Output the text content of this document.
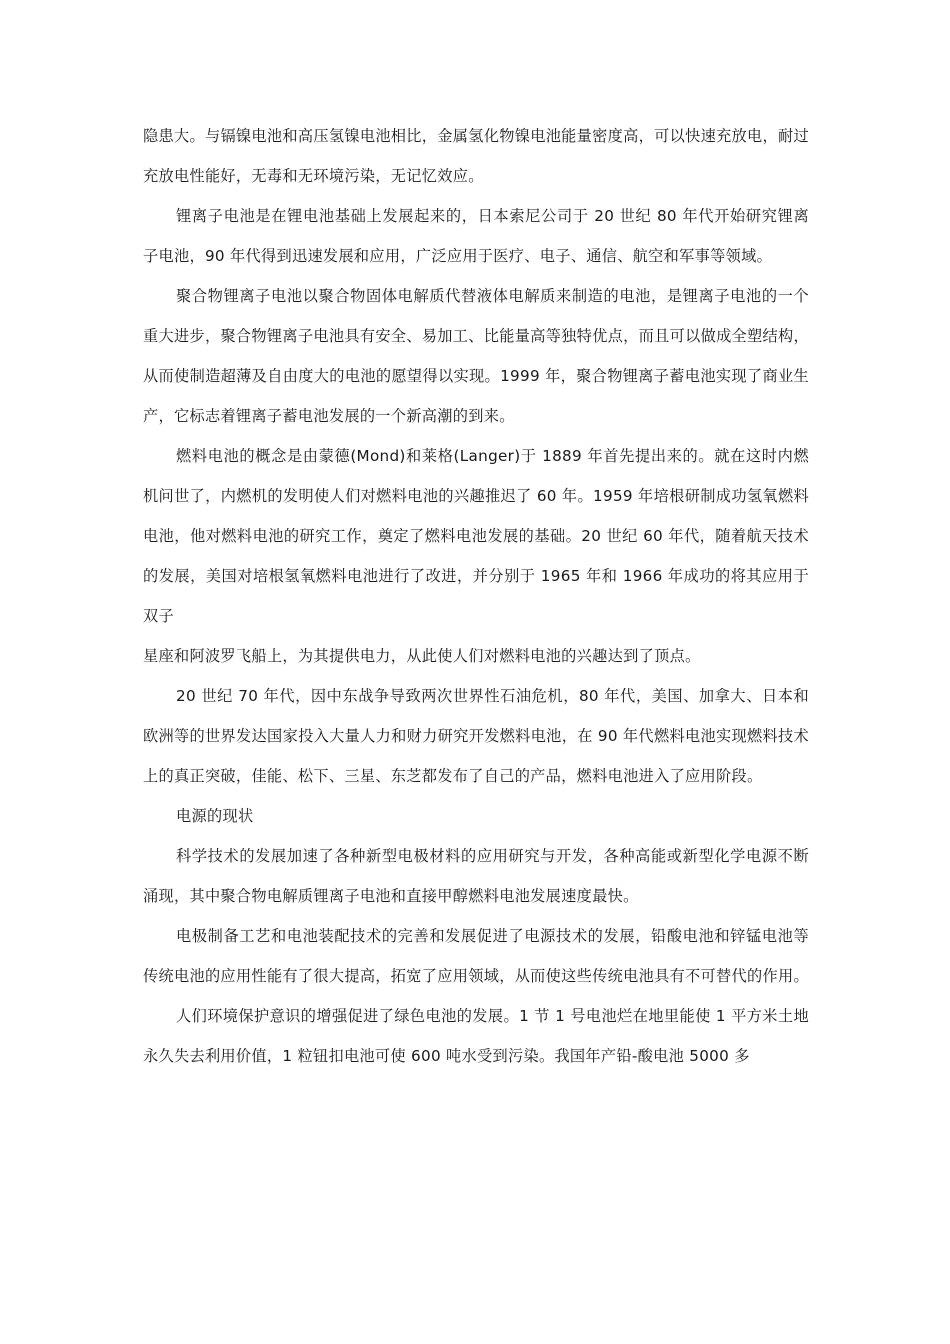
隐患大。与镉镍电池和高压氢镍电池相比，金属氢化物镍电池能量密度高，可以快速充放电，耐过充放电性能好，无毒和无环境污染，无记忆效应。

锂离子电池是在锂电池基础上发展起来的，日本索尼公司于 20 世纪 80 年代开始研究锂离子电池，90 年代得到迅速发展和应用，广泛应用于医疗、电子、通信、航空和军事等领域。

聚合物锂离子电池以聚合物固体电解质代替液体电解质来制造的电池，是锂离子电池的一个重大进步，聚合物锂离子电池具有安全、易加工、比能量高等独特优点，而且可以做成全塑结构，从而使制造超薄及自由度大的电池的愿望得以实现。1999 年，聚合物锂离子蓄电池实现了商业生产，它标志着锂离子蓄电池发展的一个新高潮的到来。

燃料电池的概念是由蒙德(Mond)和莱格(Langer)于 1889 年首先提出来的。就在这时内燃机问世了，内燃机的发明使人们对燃料电池的兴趣推迟了 60 年。1959 年培根研制成功氢氧燃料电池，他对燃料电池的研究工作，奠定了燃料电池发展的基础。20 世纪 60 年代，随着航天技术的发展，美国对培根氢氧燃料电池进行了改进，并分别于 1965 年和 1966 年成功的将其应用于双子

星座和阿波罗飞船上，为其提供电力，从此使人们对燃料电池的兴趣达到了顶点。

20 世纪 70 年代，因中东战争导致两次世界性石油危机，80 年代，美国、加拿大、日本和欧洲等的世界发达国家投入大量人力和财力研究开发燃料电池，在 90 年代燃料电池实现燃料技术上的真正突破，佳能、松下、三星、东芝都发布了自己的产品，燃料电池进入了应用阶段。

电源的现状

科学技术的发展加速了各种新型电极材料的应用研究与开发，各种高能或新型化学电源不断涌现，其中聚合物电解质锂离子电池和直接甲醇燃料电池发展速度最快。

电极制备工艺和电池装配技术的完善和发展促进了电源技术的发展，铅酸电池和锌锰电池等传统电池的应用性能有了很大提高，拓宽了应用领域，从而使这些传统电池具有不可替代的作用。

人们环境保护意识的增强促进了绿色电池的发展。1 节 1 号电池烂在地里能使 1 平方米土地永久失去利用价值，1 粒钮扣电池可使 600 吨水受到污染。我国年产铅-酸电池 5000 多
